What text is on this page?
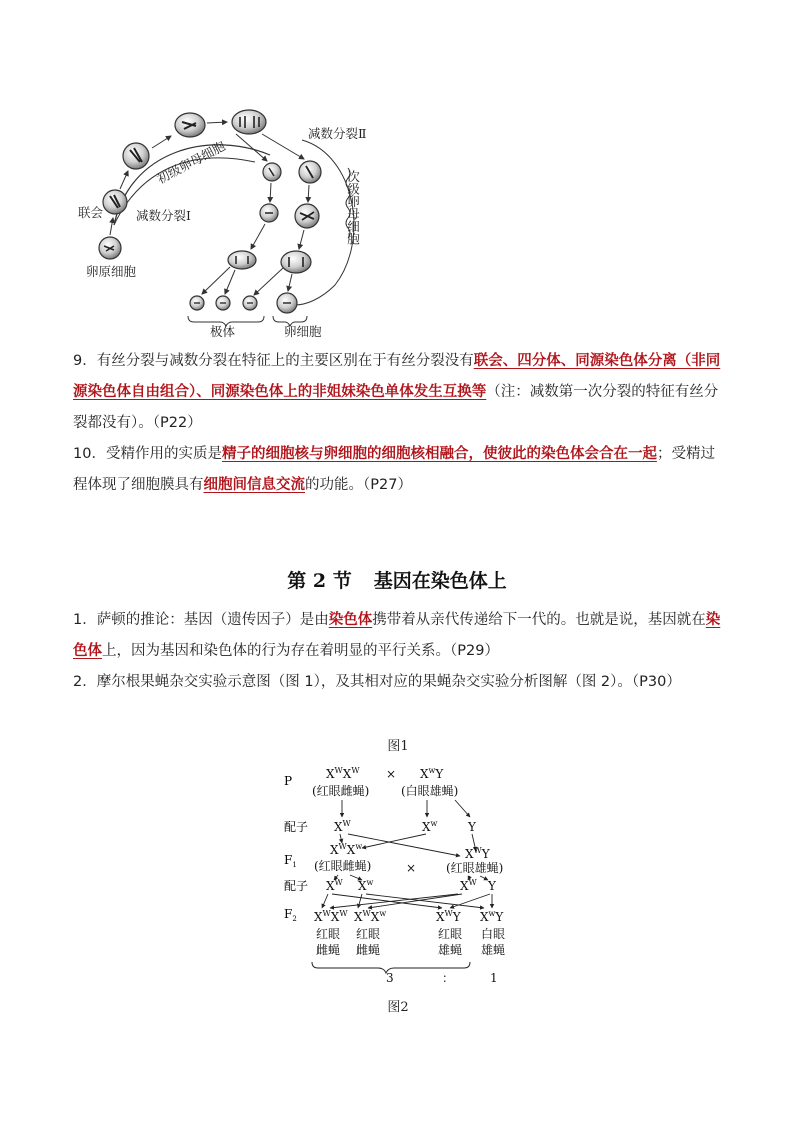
减数分裂Ⅱ
初级卵母细胞
次级卵母细胞
联会	减数分裂Ⅰ
卵原细胞
极体	卵细胞
9．有丝分裂与减数分裂在特征上的主要区别在于有丝分裂没有联会、四分体、同源染色体分离（非同源染色体自由组合）、同源染色体上的非姐妹染色单体发生互换等（注：减数第一次分裂的特征有丝分裂都没有）。（P22）
10．受精作用的实质是精子的细胞核与卵细胞的细胞核相融合，使彼此的染色体会合在一起；受精过程体现了细胞膜具有细胞间信息交流的功能。（P27）
第 2 节 基因在染色体上
1．萨顿的推论：基因（遗传因子）是由染色体携带着从亲代传递给下一代的。也就是说，基因就在染色体上，因为基因和染色体的行为存在着明显的平行关系。（P29）
2．摩尔根果蝇杂交实验示意图（图 1），及其相对应的果蝇杂交实验分析图解（图 2）。（P30）
图1
P
配子
$F_1$
配子
$F_2$
$X^WX^W \times X^wY$
(红眼雌蝇)	(白眼雄蝇)
$X^W$	$X^w$	Y
$X^WX^w$
$X^WY$
(红眼雌蝇)	× (红眼雄蝇)
$X^W$ $X^w$	$X^W$ Y
$X^WX^W$ $X^WX^w$	$X^WY$ $X^wY$
红眼
雌蝇
红眼
雌蝇
红眼
雄蝇
白眼
雄蝇
3	：	1
图2
